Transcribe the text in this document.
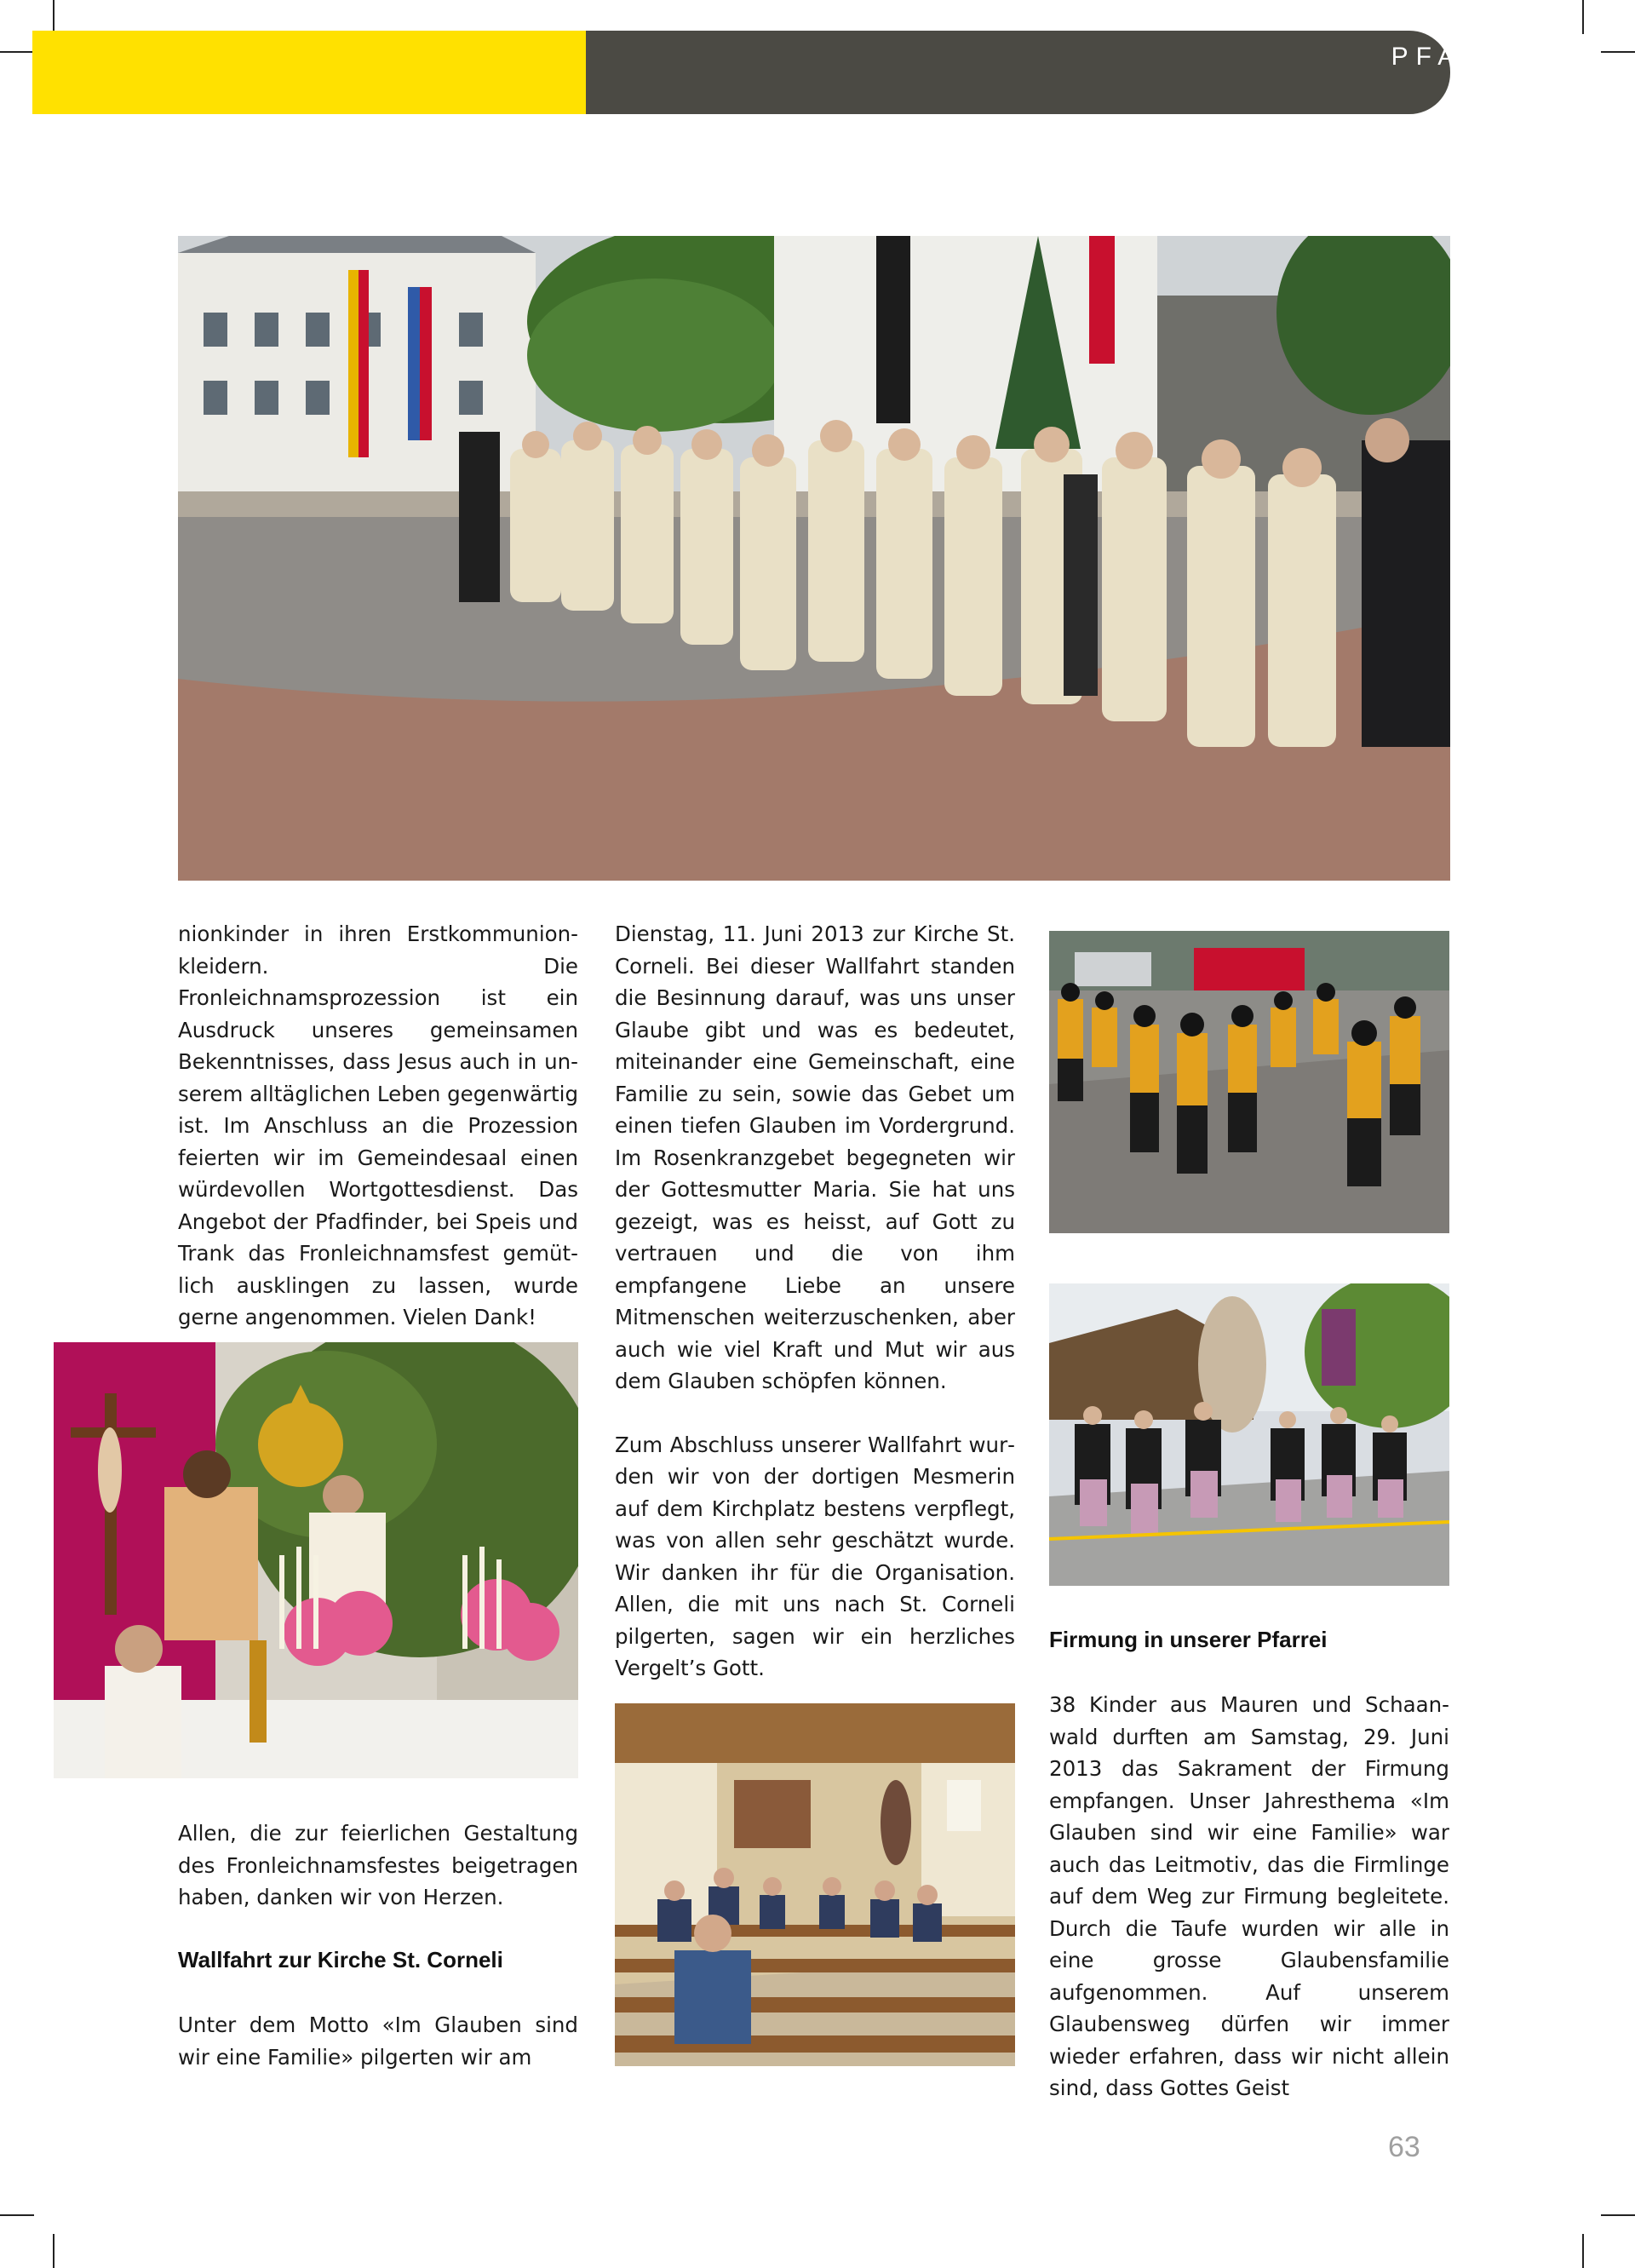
PFARREI

nionkinder in ihren Erstkommunionkleidern. Die Fronleichnamsprozession ist ein Ausdruck unseres gemeinsamen Bekenntnisses, dass Jesus auch in unserem alltäglichen Leben gegenwärtig ist. Im Anschluss an die Prozession feierten wir im Gemeindesaal einen würdevollen Wortgottesdienst. Das Angebot der Pfadfinder, bei Speis und Trank das Fronleichnamsfest gemütlich ausklingen zu lassen, wurde gerne angenommen. Vielen Dank!

Dienstag, 11. Juni 2013 zur Kirche St. Corneli. Bei dieser Wallfahrt standen die Besinnung darauf, was uns unser Glaube gibt und was es bedeutet, miteinander eine Gemeinschaft, eine Familie zu sein, sowie das Gebet um einen tiefen Glauben im Vordergrund. Im Rosenkranzgebet begegneten wir der Gottesmutter Maria. Sie hat uns gezeigt, was es heisst, auf Gott zu vertrauen und die von ihm empfangene Liebe an unsere Mitmenschen weiterzuschenken, aber auch wie viel Kraft und Mut wir aus dem Glauben schöpfen können.

Zum Abschluss unserer Wallfahrt wurden wir von der dortigen Mesmerin auf dem Kirchplatz bestens verpflegt, was von allen sehr geschätzt wurde. Wir danken ihr für die Organisation. Allen, die mit uns nach St. Corneli pilgerten, sagen wir ein herzliches Vergelt’s Gott.

Allen, die zur feierlichen Gestaltung des Fronleichnamsfestes beigetragen haben, danken wir von Herzen.

Wallfahrt zur Kirche St. Corneli

Unter dem Motto «Im Glauben sind wir eine Familie» pilgerten wir am

Firmung in unserer Pfarrei

38 Kinder aus Mauren und Schaanwald durften am Samstag, 29. Juni 2013 das Sakrament der Firmung empfangen. Unser Jahresthema «Im Glauben sind wir eine Familie» war auch das Leitmotiv, das die Firmlinge auf dem Weg zur Firmung begleitete. Durch die Taufe wurden wir alle in eine grosse Glaubensfamilie aufgenommen. Auf unserem Glaubensweg dürfen wir immer wieder erfahren, dass wir nicht allein sind, dass Gottes Geist

63
